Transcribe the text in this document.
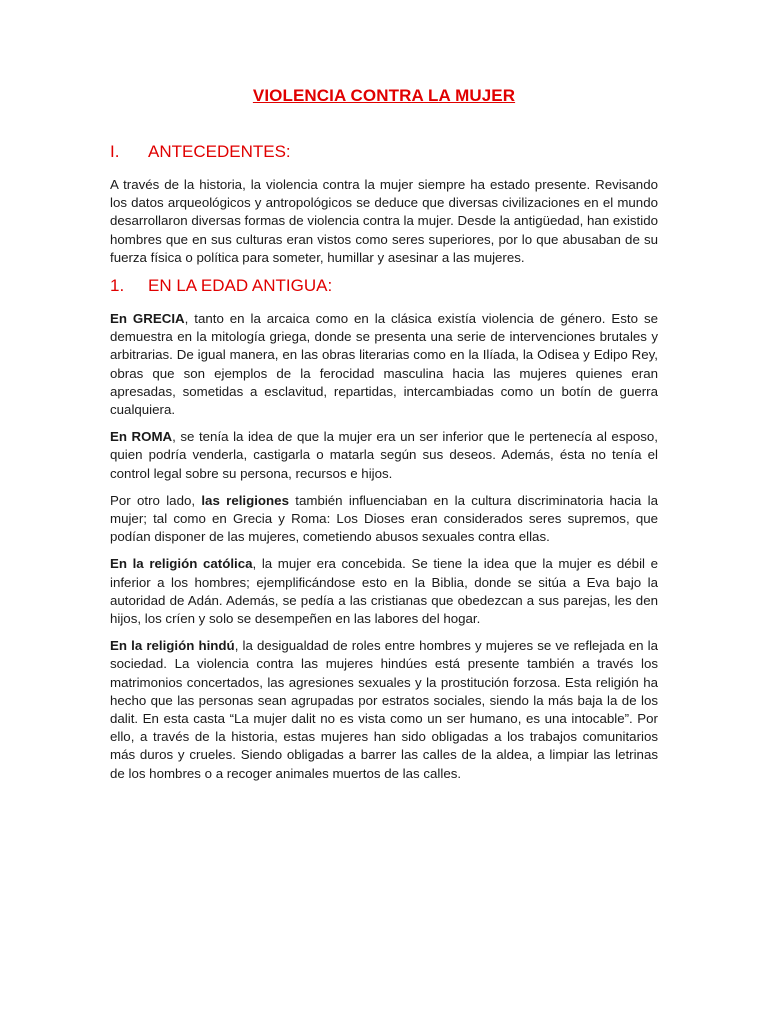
VIOLENCIA CONTRA LA MUJER
I.	ANTECEDENTES:

A través de la historia, la violencia contra la mujer siempre ha estado presente. Revisando los datos arqueológicos y antropológicos se deduce que diversas civilizaciones en el mundo desarrollaron diversas formas de violencia contra la mujer. Desde la antigüedad, han existido hombres que en sus culturas eran vistos como seres superiores, por lo que abusaban de su fuerza física o política para someter, humillar y asesinar a las mujeres.

1.	EN LA EDAD ANTIGUA:

En GRECIA, tanto en la arcaica como en la clásica existía violencia de género. Esto se demuestra en la mitología griega, donde se presenta una serie de intervenciones brutales y arbitrarias. De igual manera, en las obras literarias como en la Ilíada, la Odisea y Edipo Rey, obras que son ejemplos de la ferocidad masculina hacia las mujeres quienes eran apresadas, sometidas a esclavitud, repartidas, intercambiadas como un botín de guerra cualquiera.

En ROMA, se tenía la idea de que la mujer era un ser inferior que le pertenecía al esposo, quien podría venderla, castigarla o matarla según sus deseos. Además, ésta no tenía el control legal sobre su persona, recursos e hijos.

Por otro lado, las religiones también influenciaban en la cultura discriminatoria hacia la mujer; tal como en Grecia y Roma: Los Dioses eran considerados seres supremos, que podían disponer de las mujeres, cometiendo abusos sexuales contra ellas.

En la religión católica, la mujer era concebida. Se tiene la idea que la mujer es débil e inferior a los hombres; ejemplificándose esto en la Biblia, donde se sitúa a Eva bajo la autoridad de Adán. Además, se pedía a las cristianas que obedezcan a sus parejas, les den hijos, los críen y solo se desempeñen en las labores del hogar.

En la religión hindú, la desigualdad de roles entre hombres y mujeres se ve reflejada en la sociedad. La violencia contra las mujeres hindúes está presente también a través los matrimonios concertados, las agresiones sexuales y la prostitución forzosa. Esta religión ha hecho que las personas sean agrupadas por estratos sociales, siendo la más baja la de los dalit. En esta casta “La mujer dalit no es vista como un ser humano, es una intocable”. Por ello, a través de la historia, estas mujeres han sido obligadas a los trabajos comunitarios más duros y crueles. Siendo obligadas a barrer las calles de la aldea, a limpiar las letrinas de los hombres o a recoger animales muertos de las calles.
